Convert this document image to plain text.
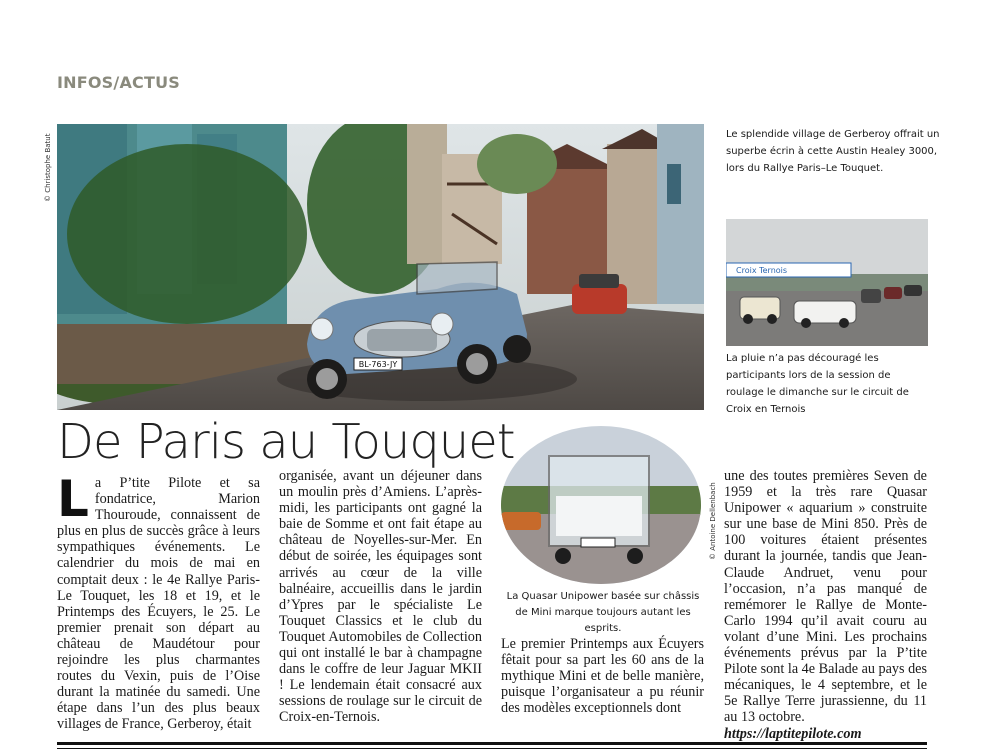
INFOS/ACTUS
BL-763-JY
© Christophe Batut	Le splendide village de Gerberoy offrait un superbe écrin à cette Austin Healey 3000, lors du Rallye Paris–Le Touquet.
Croix Ternois
La pluie n’a pas découragé les participants lors de la session de roulage le dimanche sur le circuit de Croix en Ternois
De Paris au Touquet
© Antoine Dellenbach
La Quasar Unipower basée sur châssis de Mini marque toujours autant les esprits.
La P’tite Pilote et sa fondatrice, Marion Thouroude, connaissent de plus en plus de succès grâce à leurs sympathiques événements. Le calendrier du mois de mai en comptait deux : le 4e Rallye Paris-Le Touquet, les 18 et 19, et le Printemps des Écuyers, le 25. Le premier prenait son départ au château de Maudétour pour rejoindre les plus charmantes routes du Vexin, puis de l’Oise durant la matinée du samedi. Une étape dans l’un des plus beaux villages de France, Gerberoy, était
organisée, avant un déjeuner dans un moulin près d’Amiens. L’après-midi, les participants ont gagné la baie de Somme et ont fait étape au château de Noyelles-sur-Mer. En début de soirée, les équipages sont arrivés au cœur de la ville balnéaire, accueillis dans le jardin d’Ypres par le spécialiste Le Touquet Classics et le club du Touquet Automobiles de Collection qui ont installé le bar à champagne dans le coffre de leur Jaguar MKII ! Le lendemain était consacré aux sessions de roulage sur le circuit de Croix-en-Ternois.
Le premier Printemps aux Écuyers fêtait pour sa part les 60 ans de la mythique Mini et de belle manière, puisque l’organisateur a pu réunir des modèles exceptionnels dont
une des toutes premières Seven de 1959 et la très rare Quasar Unipower « aquarium » construite sur une base de Mini 850. Près de 100 voitures étaient présentes durant la journée, tandis que Jean-Claude Andruet, venu pour l’occasion, n’a pas manqué de remémorer le Rallye de Monte-Carlo 1994 qu’il avait couru au volant d’une Mini. Les prochains événements prévus par la P’tite Pilote sont la 4e Balade au pays des mécaniques, le 4 septembre, et le 5e Rallye Terre jurassienne, du 11 au 13 octobre.
https://laptitepilote.com
